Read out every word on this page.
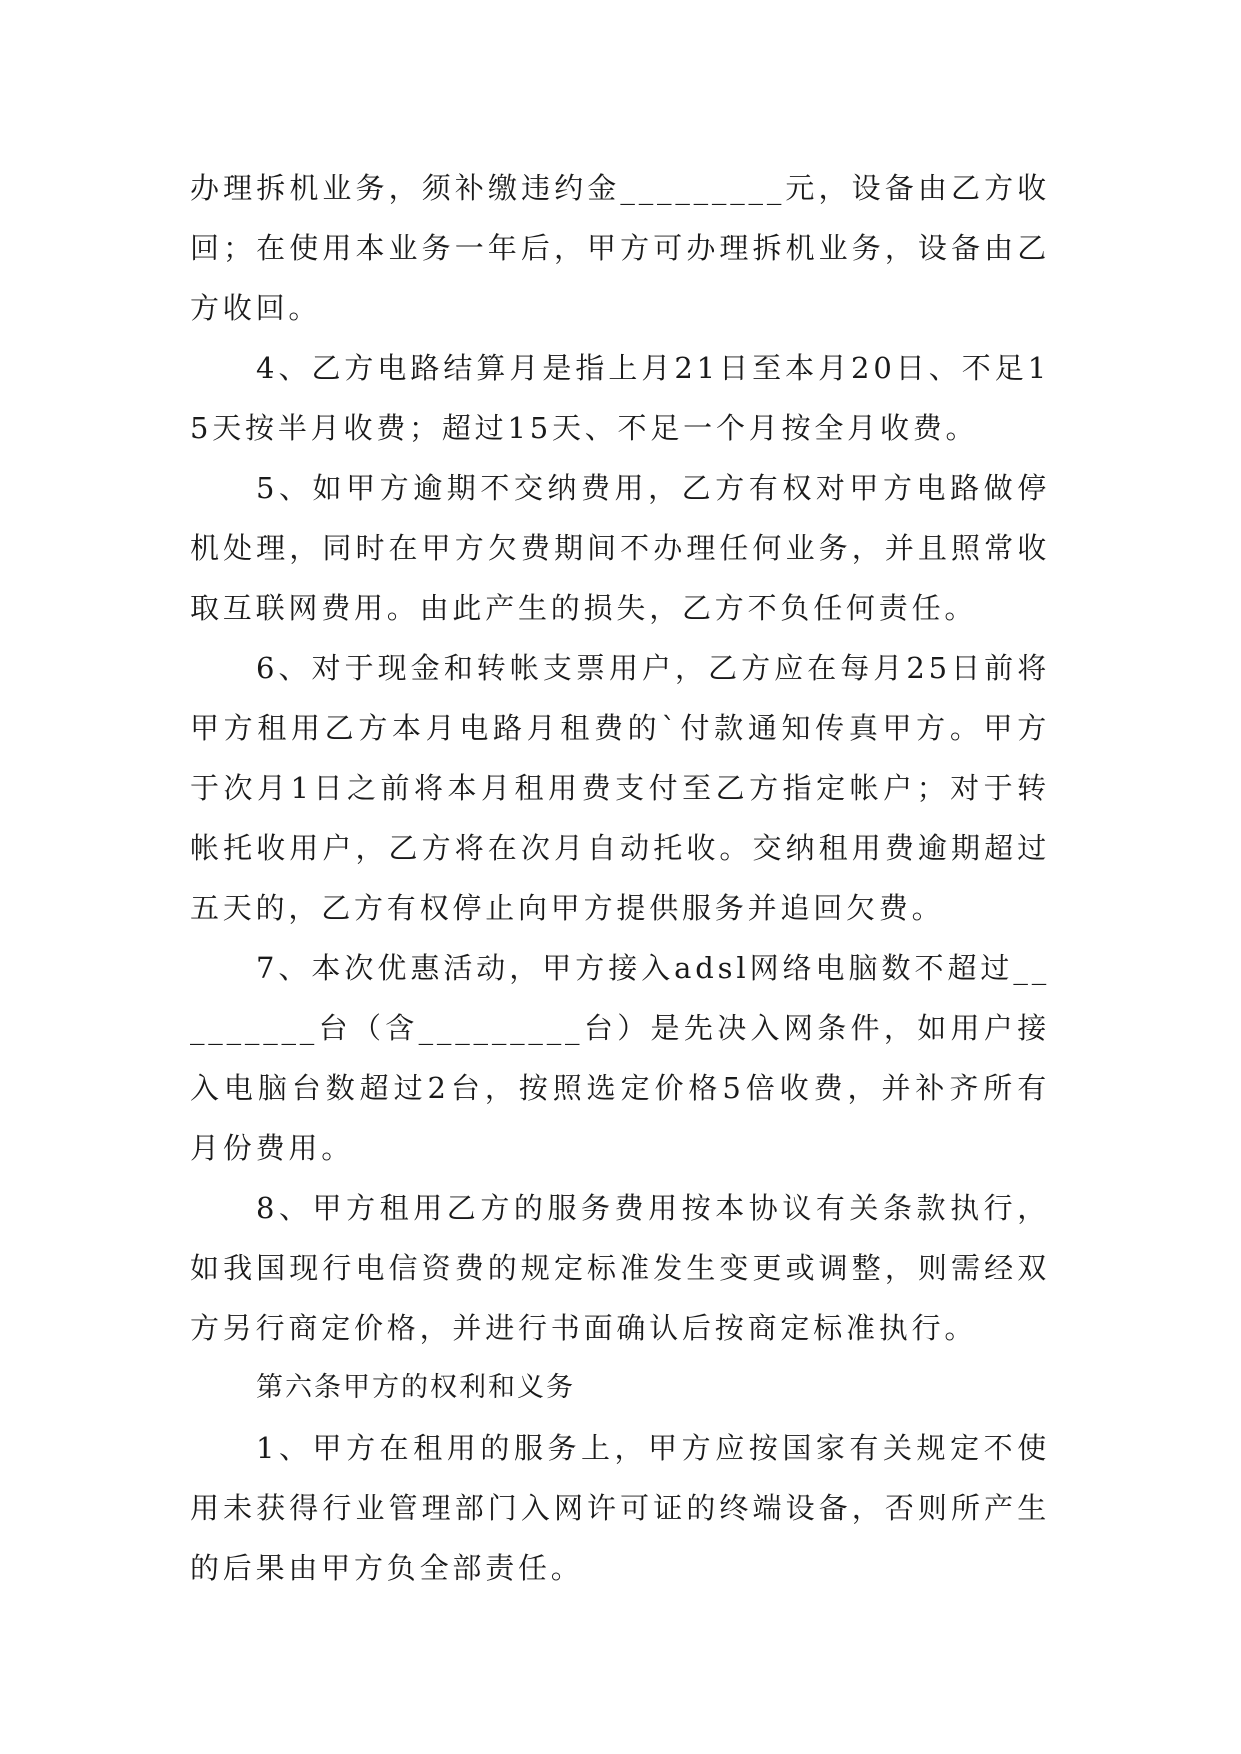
办理拆机业务，须补缴违约金_________元，设备由乙方收回；在使用本业务一年后，甲方可办理拆机业务，设备由乙方收回。

4、乙方电路结算月是指上月21日至本月20日、不足15天按半月收费；超过15天、不足一个月按全月收费。

5、如甲方逾期不交纳费用，乙方有权对甲方电路做停机处理，同时在甲方欠费期间不办理任何业务，并且照常收取互联网费用。由此产生的损失，乙方不负任何责任。

6、对于现金和转帐支票用户，乙方应在每月25日前将甲方租用乙方本月电路月租费的`付款通知传真甲方。甲方于次月1日之前将本月租用费支付至乙方指定帐户；对于转帐托收用户，乙方将在次月自动托收。交纳租用费逾期超过五天的，乙方有权停止向甲方提供服务并追回欠费。

7、本次优惠活动，甲方接入adsl网络电脑数不超过_________台（含_________台）是先决入网条件，如用户接入电脑台数超过2台，按照选定价格5倍收费，并补齐所有月份费用。

8、甲方租用乙方的服务费用按本协议有关条款执行，如我国现行电信资费的规定标准发生变更或调整，则需经双方另行商定价格，并进行书面确认后按商定标准执行。

第六条甲方的权利和义务

1、甲方在租用的服务上，甲方应按国家有关规定不使用未获得行业管理部门入网许可证的终端设备，否则所产生的后果由甲方负全部责任。
